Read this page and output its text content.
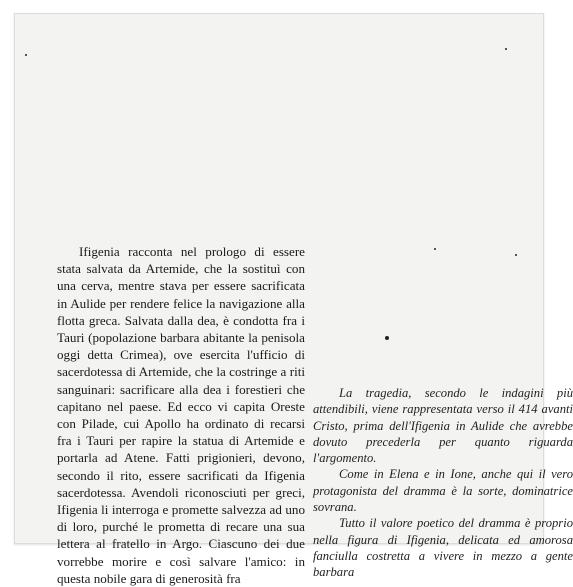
Ifigenia racconta nel prologo di essere stata salvata da Artemide, che la sostituì con una cerva, mentre stava per essere sacrificata in Aulide per rendere felice la navigazione alla flotta greca. Salvata dalla dea, è condotta fra i Tauri (popolazione barbara abitante la penisola oggi detta Crimea), ove esercita l'ufficio di sacerdotessa di Artemide, che la costringe a riti sanguinari: sacrificare alla dea i forestieri che capitano nel paese. Ed ecco vi capita Oreste con Pilade, cui Apollo ha ordinato di recarsi fra i Tauri per rapire la statua di Artemide e portarla ad Atene. Fatti prigionieri, devono, secondo il rito, essere sacrificati da Ifigenia sacerdotessa. Avendoli riconosciuti per greci, Ifigenia li interroga e promette salvezza ad uno di loro, purché le prometta di recare una sua lettera al fratello in Argo. Ciascuno dei due vorrebbe morire e così salvare l'amico: in questa nobile gara di generosità fra

La tragedia, secondo le indagini più attendibili, viene rappresentata verso il 414 avanti Cristo, prima dell'Ifigenia in Aulide che avrebbe dovuto precederla per quanto riguarda l'argomento.

Come in Elena e in Ione, anche qui il vero protagonista del dramma è la sorte, dominatrice sovrana.

Tutto il valore poetico del dramma è proprio nella figura di Ifigenia, delicata ed amorosa fanciulla costretta a vivere in mezzo a gente barbara
